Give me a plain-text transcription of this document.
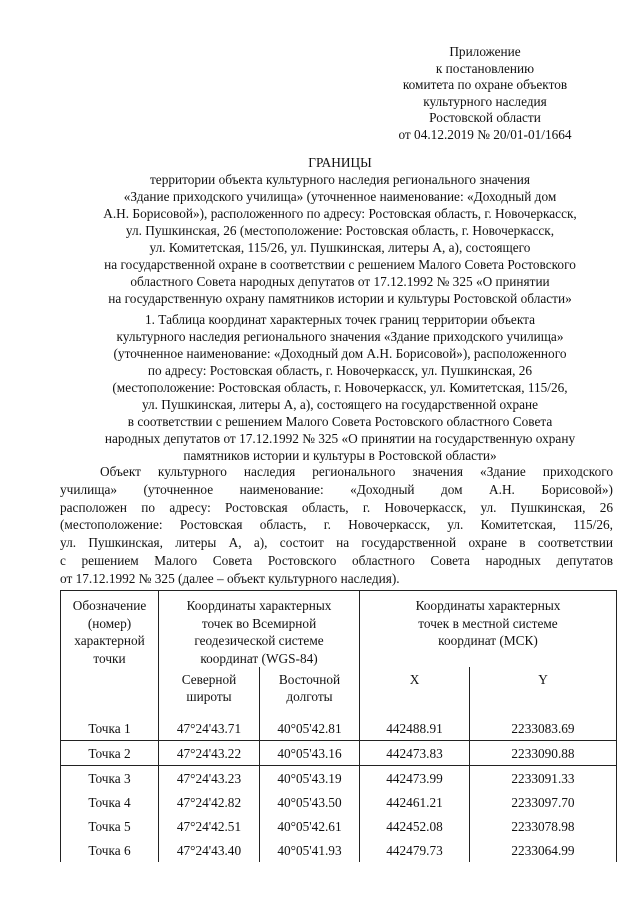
Приложение
к постановлению
комитета по охране объектов
культурного наследия
Ростовской области
от 04.12.2019 № 20/01-01/1664
ГРАНИЦЫ
территории объекта культурного наследия регионального значения
«Здание приходского училища» (уточненное наименование: «Доходный дом
А.Н. Борисовой»), расположенного по адресу: Ростовская область, г. Новочеркасск,
ул. Пушкинская, 26 (местоположение: Ростовская область, г. Новочеркасск,
ул. Комитетская, 115/26, ул. Пушкинская, литеры А, а), состоящего
на государственной охране в соответствии с решением Малого Совета Ростовского
областного Совета народных депутатов от 17.12.1992 № 325 «О принятии
на государственную охрану памятников истории и культуры Ростовской области»
1. Таблица координат характерных точек границ территории объекта
культурного наследия регионального значения «Здание приходского училища»
(уточненное наименование: «Доходный дом А.Н. Борисовой»), расположенного
по адресу: Ростовская область, г. Новочеркасск, ул. Пушкинская, 26
(местоположение: Ростовская область, г. Новочеркасск, ул. Комитетская, 115/26,
ул. Пушкинская, литеры А, а), состоящего на государственной охране
в соответствии с решением Малого Совета Ростовского областного Совета
народных депутатов от 17.12.1992 № 325 «О принятии на государственную охрану
памятников истории и культуры в Ростовской области»
Объект культурного наследия регионального значения «Здание приходского
училища» (уточненное наименование: «Доходный дом А.Н. Борисовой»)
расположен по адресу: Ростовская область, г. Новочеркасск, ул. Пушкинская, 26
(местоположение: Ростовская область, г. Новочеркасск, ул. Комитетская, 115/26,
ул. Пушкинская, литеры А, а), состоит на государственной охране в соответствии
с решением Малого Совета Ростовского областного Совета народных депутатов
от 17.12.1992 № 325 (далее – объект культурного наследия).
Обозначение
(номер)
характерной
точки	Координаты характерных
точек во Всемирной
геодезической системе
координат (WGS-84)		Координаты характерных
точек в местной системе
координат (МСК)	

	Северной
широты	Восточной
долготы	X	Y
Точка 1	47°24'43.71	40°05'42.81	442488.91	2233083.69
Точка 2	47°24'43.22	40°05'43.16	442473.83	2233090.88
Точка 3	47°24'43.23	40°05'43.19	442473.99	2233091.33
Точка 4	47°24'42.82	40°05'43.50	442461.21	2233097.70
Точка 5	47°24'42.51	40°05'42.61	442452.08	2233078.98
Точка 6	47°24'43.40	40°05'41.93	442479.73	2233064.99
